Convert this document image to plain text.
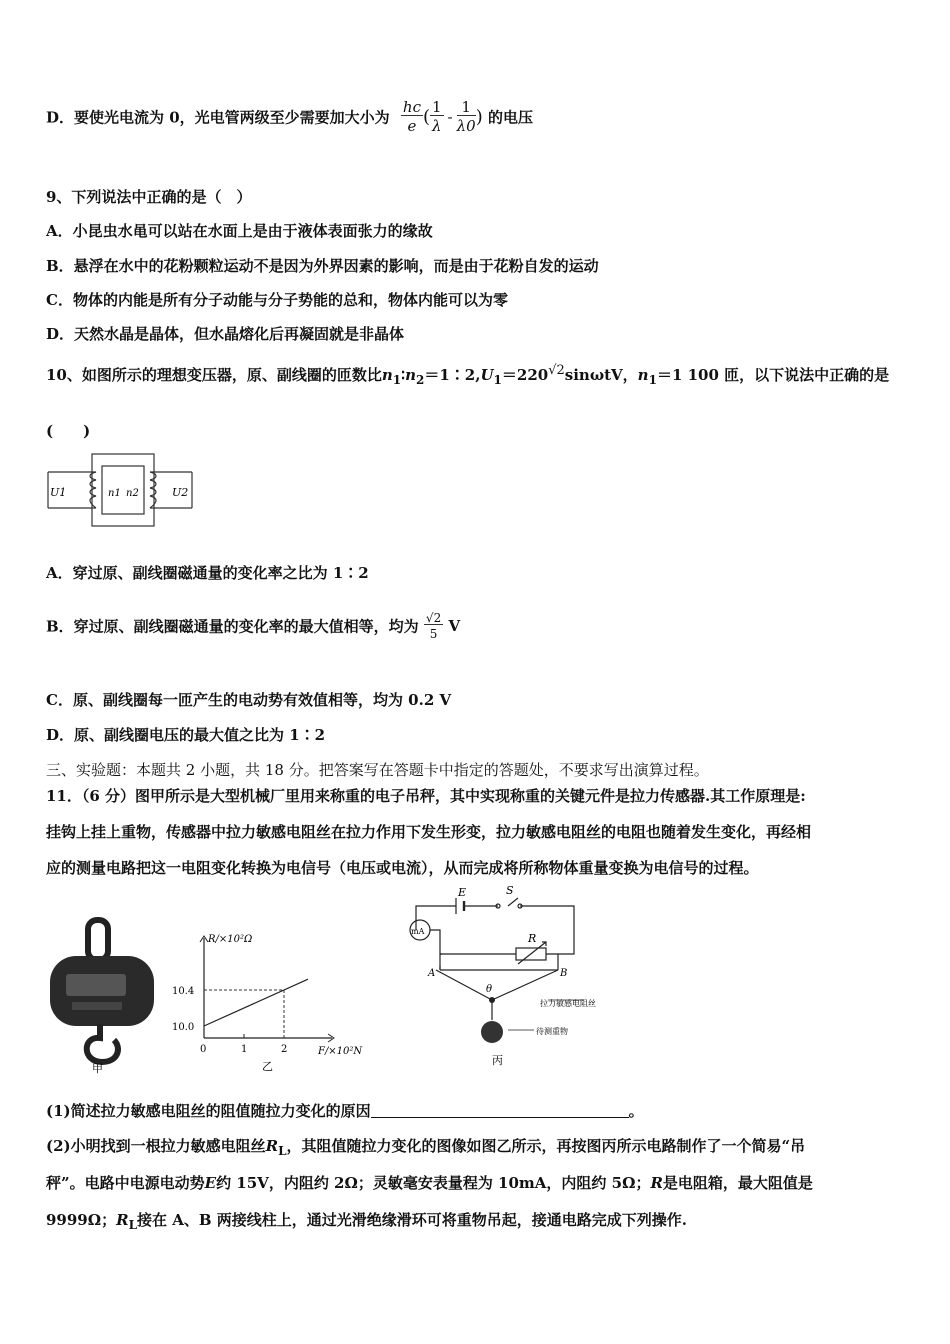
D．要使光电流为 0，光电管两级至少需要加大小为 $\frac{hc}{e}$ ( $\frac{1}{\lambda} - \frac{1}{\lambda 0}$ ) 的电压
9、下列说法中正确的是（　）
A．小昆虫水黾可以站在水面上是由于液体表面张力的缘故
B．悬浮在水中的花粉颗粒运动不是因为外界因素的影响，而是由于花粉自发的运动
C．物体的内能是所有分子动能与分子势能的总和，物体内能可以为零
D．天然水晶是晶体，但水晶熔化后再凝固就是非晶体
10、如图所示的理想变压器，原、副线圈的匝数比$n_1∶n_2=1∶2,U_1=220^{√2}\sin\omega tV$，$n_1=1$ 100 匝，以下说法中正确的是
(　　)
U1	n1 n2	U2
A．穿过原、副线圈磁通量的变化率之比为 1∶2
B．穿过原、副线圈磁通量的变化率的最大值相等，均为 $\frac{√2}{5}$ V
C．原、副线圈每一匝产生的电动势有效值相等，均为 0.2 V
D．原、副线圈电压的最大值之比为 1∶2
三、实验题：本题共 2 小题，共 18 分。把答案写在答题卡中指定的答题处，不要求写出演算过程。
11．（6 分）图甲所示是大型机械厂里用来称重的电子吊秤，其中实现称重的关键元件是拉力传感器.其工作原理是:
挂钩上挂上重物，传感器中拉力敏感电阻丝在拉力作用下发生形变，拉力敏感电阻丝的电阻也随着发生变化，再经相
应的测量电路把这一电阻变化转换为电信号（电压或电流），从而完成将所称物体重量变换为电信号的过程。
甲
R/×10²Ω
F/×10²N
10.4
10.0
0	1	2
乙
E	S
mA
R
A	B
θ
拉力敏感电阻丝
待测重物
丙
(1)简述拉力敏感电阻丝的阻值随拉力变化的原因	。
(2)小明找到一根拉力敏感电阻丝$R_L$，其阻值随拉力变化的图像如图乙所示，再按图丙所示电路制作了一个简易“吊
秤”。电路中电源电动势E约 15V，内阻约 2Ω；灵敏毫安表量程为 10mA，内阻约 5Ω；R是电阻箱，最大阻值是
9999Ω；$R_L$接在 A、B 两接线柱上，通过光滑绝缘滑环可将重物吊起，接通电路完成下列操作.
